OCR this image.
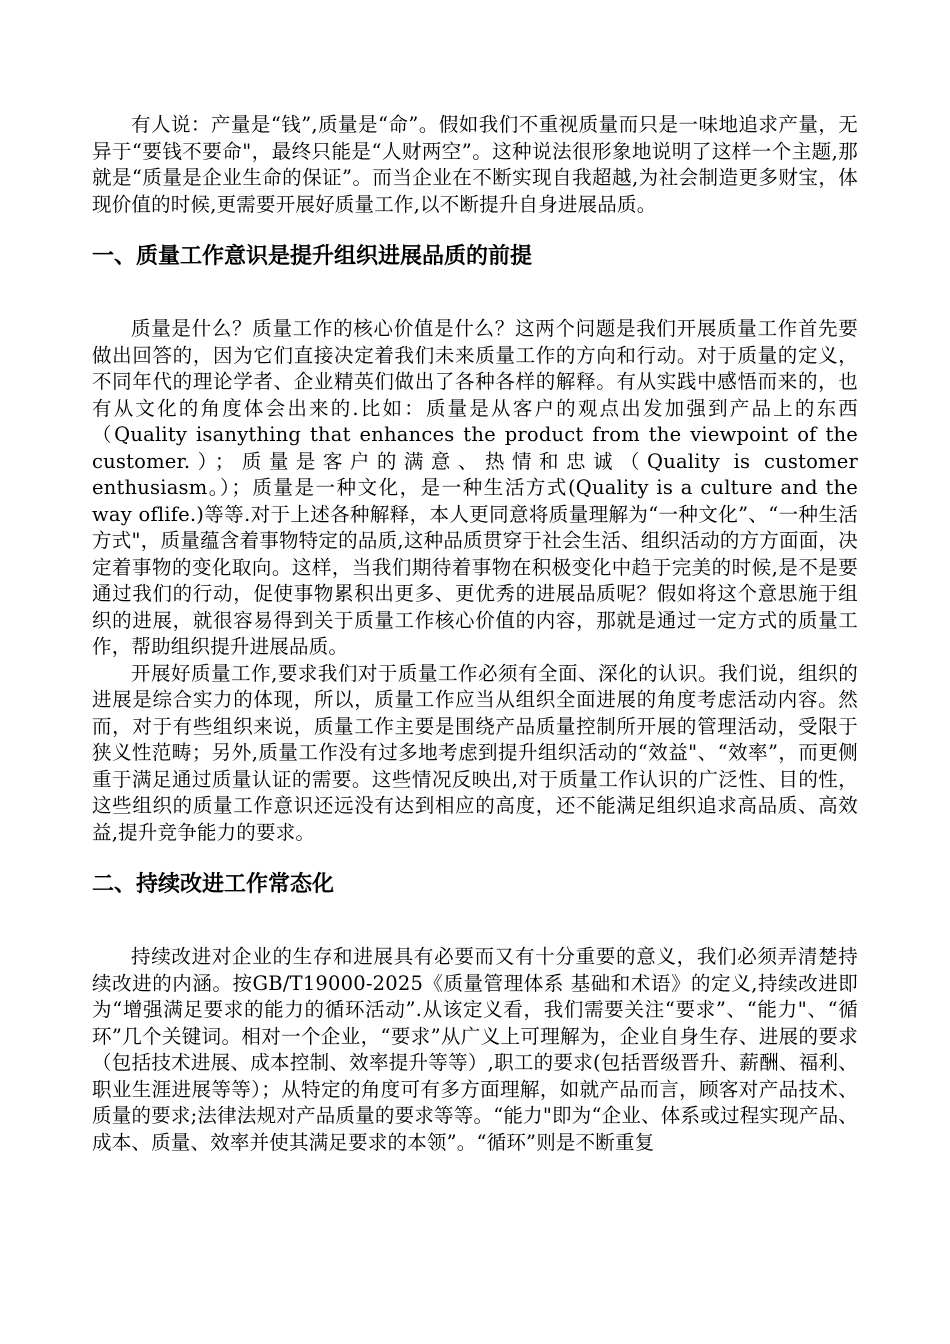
有人说：产量是“钱”,质量是“命”。假如我们不重视质量而只是一味地追求产量，无异于“要钱不要命"，最终只能是“人财两空”。这种说法很形象地说明了这样一个主题,那就是“质量是企业生命的保证”。而当企业在不断实现自我超越,为社会制造更多财宝，体现价值的时候,更需要开展好质量工作,以不断提升自身进展品质。

一、质量工作意识是提升组织进展品质的前提

质量是什么？质量工作的核心价值是什么？这两个问题是我们开展质量工作首先要做出回答的，因为它们直接决定着我们未来质量工作的方向和行动。对于质量的定义，不同年代的理论学者、企业精英们做出了各种各样的解释。有从实践中感悟而来的，也有从文化的角度体会出来的.比如：质量是从客户的观点出发加强到产品上的东西（Quality isanything that enhances the product from the viewpoint of the customer.）；质量是客户的满意、热情和忠诚（Quality is customer enthusiasm。）；质量是一种文化，是一种生活方式(Quality is a culture and the way oflife.)等等.对于上述各种解释，本人更同意将质量理解为“一种文化”、“一种生活方式"，质量蕴含着事物特定的品质,这种品质贯穿于社会生活、组织活动的方方面面，决定着事物的变化取向。这样，当我们期待着事物在积极变化中趋于完美的时候,是不是要通过我们的行动，促使事物累积出更多、更优秀的进展品质呢？假如将这个意思施于组织的进展，就很容易得到关于质量工作核心价值的内容，那就是通过一定方式的质量工作，帮助组织提升进展品质。

开展好质量工作,要求我们对于质量工作必须有全面、深化的认识。我们说，组织的进展是综合实力的体现，所以，质量工作应当从组织全面进展的角度考虑活动内容。然而，对于有些组织来说，质量工作主要是围绕产品质量控制所开展的管理活动，受限于狭义性范畴；另外,质量工作没有过多地考虑到提升组织活动的“效益"、“效率”，而更侧重于满足通过质量认证的需要。这些情况反映出,对于质量工作认识的广泛性、目的性，这些组织的质量工作意识还远没有达到相应的高度，还不能满足组织追求高品质、高效益,提升竞争能力的要求。

二、持续改进工作常态化

持续改进对企业的生存和进展具有必要而又有十分重要的意义，我们必须弄清楚持续改进的内涵。按GB/T19000-2025《质量管理体系 基础和术语》的定义,持续改进即为“增强满足要求的能力的循环活动”.从该定义看，我们需要关注“要求”、“能力"、“循环”几个关键词。相对一个企业，“要求”从广义上可理解为，企业自身生存、进展的要求（包括技术进展、成本控制、效率提升等等）,职工的要求(包括晋级晋升、薪酬、福利、职业生涯进展等等）；从特定的角度可有多方面理解，如就产品而言，顾客对产品技术、质量的要求;法律法规对产品质量的要求等等。“能力"即为“企业、体系或过程实现产品、成本、质量、效率并使其满足要求的本领”。“循环”则是不断重复
